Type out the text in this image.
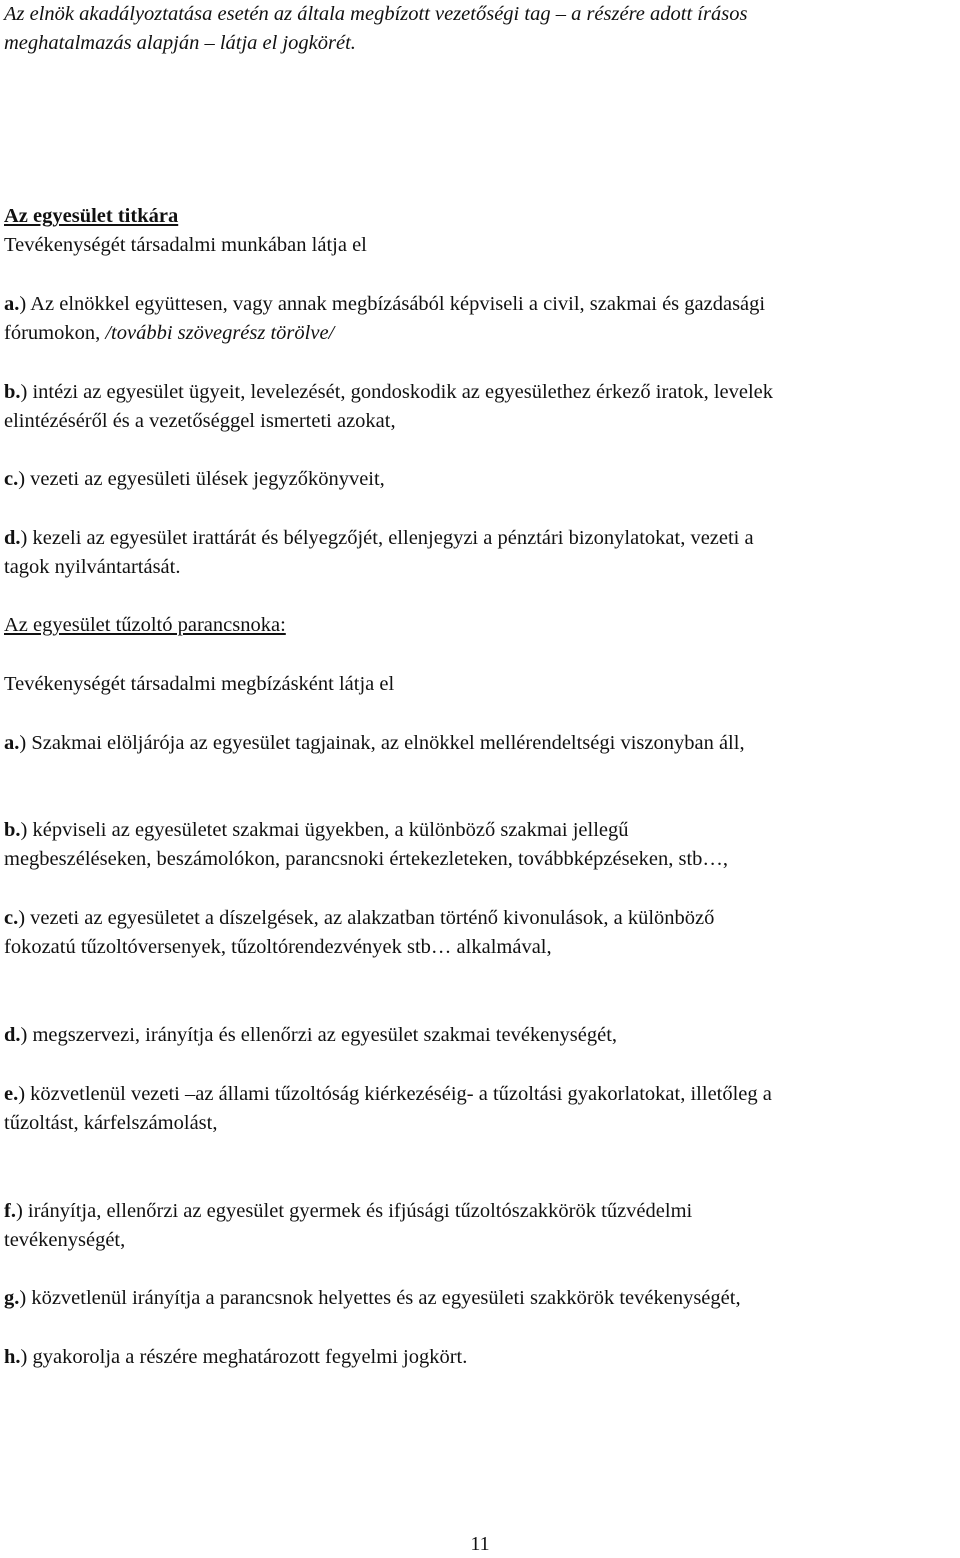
Az elnök akadályoztatása esetén az általa megbízott vezetőségi tag – a részére adott írásos
meghatalmazás alapján – látja el jogkörét.

Az egyesület titkára
Tevékenységét társadalmi munkában látja el

a.) Az elnökkel együttesen, vagy annak megbízásából képviseli a civil, szakmai és gazdasági
fórumokon, /további szövegrész törölve/

b.) intézi az egyesület ügyeit, levelezését, gondoskodik az egyesülethez érkező iratok, levelek
elintézéséről és a vezetőséggel ismerteti azokat,

c.) vezeti az egyesületi ülések jegyzőkönyveit,

d.) kezeli az egyesület irattárát és bélyegzőjét, ellenjegyzi a pénztári bizonylatokat, vezeti a
tagok nyilvántartását.

Az egyesület tűzoltó parancsnoka:

Tevékenységét társadalmi megbízásként látja el

a.) Szakmai elöljárója az egyesület tagjainak, az elnökkel mellérendeltségi viszonyban áll,

b.) képviseli az egyesületet szakmai ügyekben, a különböző szakmai jellegű
megbeszéléseken, beszámolókon, parancsnoki értekezleteken, továbbképzéseken, stb…,

c.) vezeti az egyesületet a díszelgések, az alakzatban történő kivonulások, a különböző
fokozatú tűzoltóversenyek, tűzoltórendezvények stb… alkalmával,

d.) megszervezi, irányítja és ellenőrzi az egyesület szakmai tevékenységét,

e.) közvetlenül vezeti –az állami tűzoltóság kiérkezéséig- a tűzoltási gyakorlatokat, illetőleg a
tűzoltást, kárfelszámolást,

f.) irányítja, ellenőrzi az egyesület gyermek és ifjúsági tűzoltószakkörök tűzvédelmi
tevékenységét,

g.) közvetlenül irányítja a parancsnok helyettes és az egyesületi szakkörök tevékenységét,

h.) gyakorolja a részére meghatározott fegyelmi jogkört.

11
